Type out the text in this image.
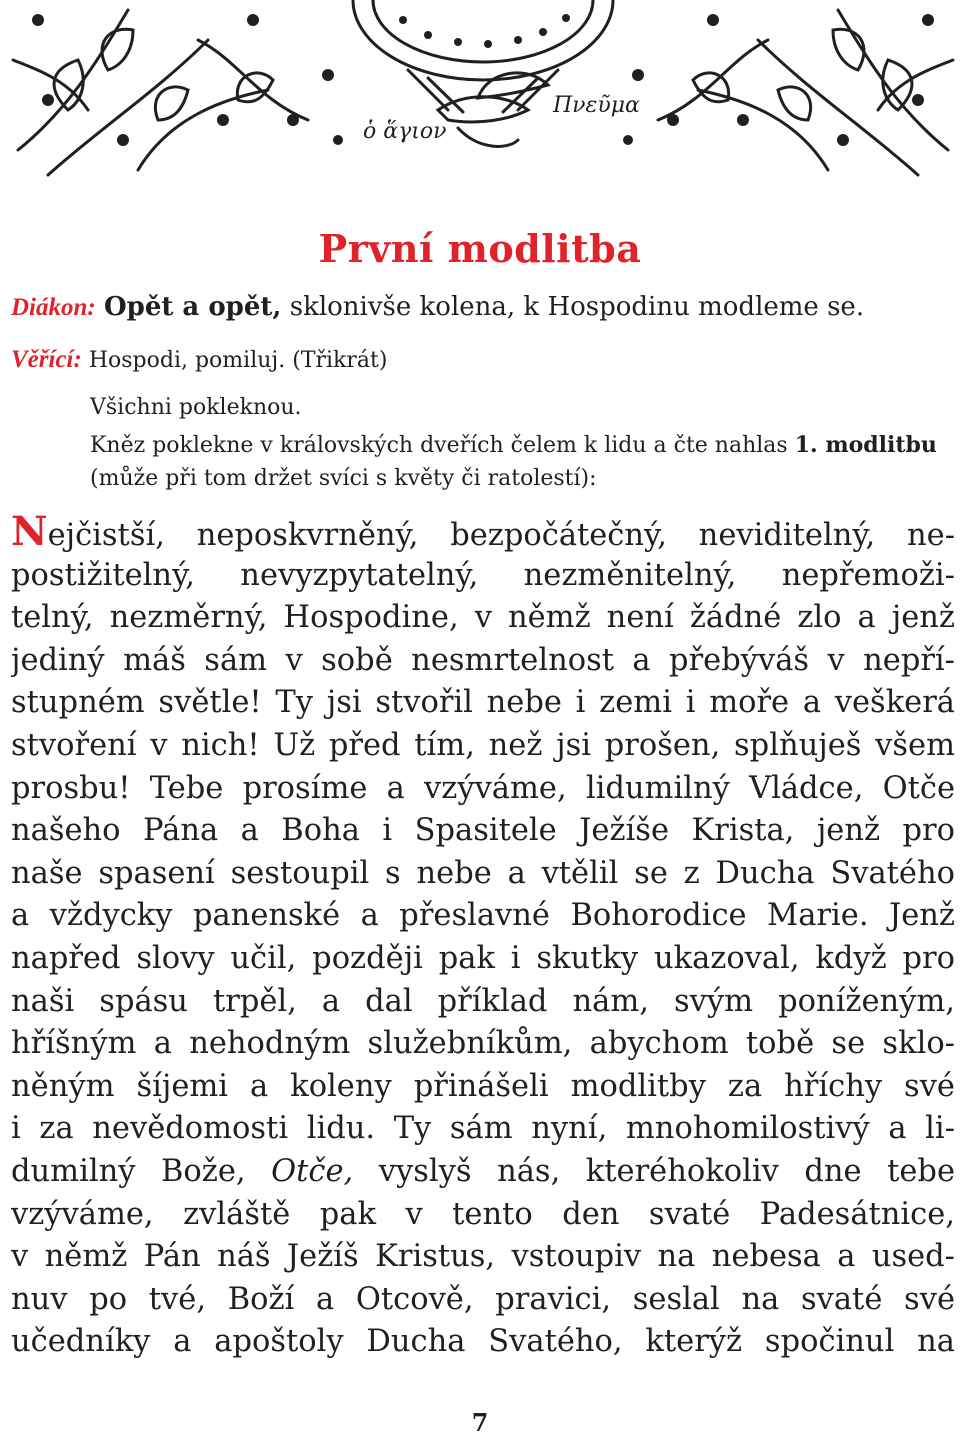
ὁ ἅγιον
Πνεῦμα
První modlitba
Diákon: Opět a opět, sklonivše kolena, k Hospodinu modleme se.
Věřící: Hospodi, pomiluj. (Třikrát)
Všichni pokleknou.
Kněz poklekne v královských dveřích čelem k lidu a čte nahlas 1. modlitbu
(může při tom držet svíci s květy či ratolestí):
Nejčistší, neposkvrněný, bezpočátečný, neviditelný, ne-
postižitelný, nevyzpytatelný, nezměnitelný, nepřemoži-
telný, nezměrný, Hospodine, v němž není žádné zlo a jenž
jediný máš sám v sobě nesmrtelnost a přebýváš v nepří-
stupném světle! Ty jsi stvořil nebe i zemi i moře a veškerá
stvoření v nich! Už před tím, než jsi prošen, splňuješ všem
prosbu! Tebe prosíme a vzýváme, lidumilný Vládce, Otče
našeho Pána a Boha i Spasitele Ježíše Krista, jenž pro
naše spasení sestoupil s nebe a vtělil se z Ducha Svatého
a vždycky panenské a přeslavné Bohorodice Marie. Jenž
napřed slovy učil, později pak i skutky ukazoval, když pro
naši spásu trpěl, a dal příklad nám, svým poníženým,
hříšným a nehodným služebníkům, abychom tobě se sklo-
něným šíjemi a koleny přinášeli modlitby za hříchy své
i za nevědomosti lidu. Ty sám nyní, mnohomilostivý a li-
dumilný Bože, Otče, vyslyš nás, kteréhokoliv dne tebe
vzýváme, zvláště pak v tento den svaté Padesátnice,
v němž Pán náš Ježíš Kristus, vstoupiv na nebesa a used-
nuv po tvé, Boží a Otcově, pravici, seslal na svaté své
učedníky a apoštoly Ducha Svatého, kterýž spočinul na
7
